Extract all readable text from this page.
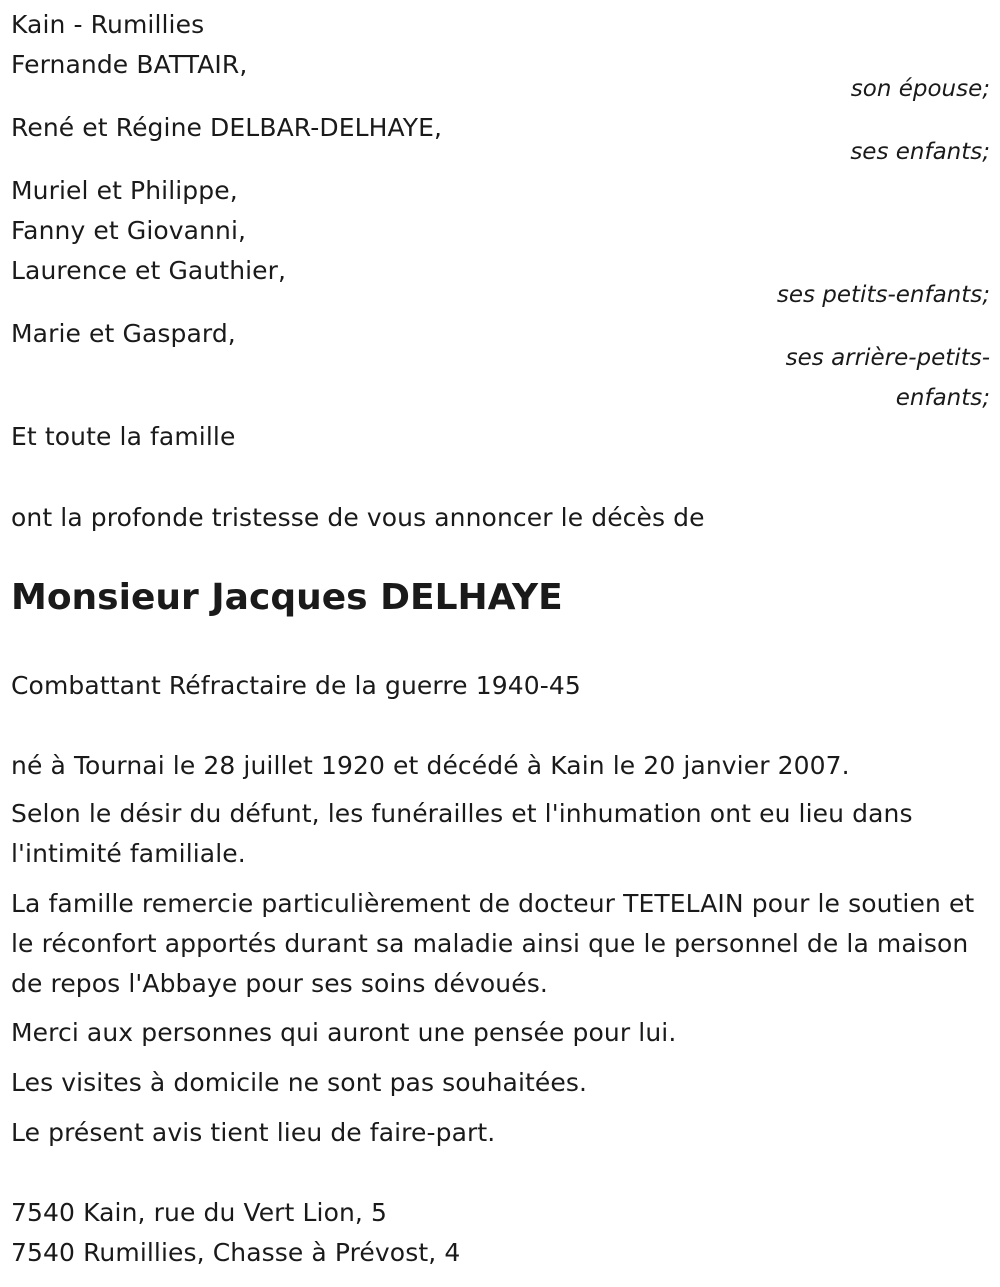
Kain - Rumillies
Fernande BATTAIR,
son épouse;
René et Régine DELBAR-DELHAYE,
ses enfants;
Muriel et Philippe,
Fanny et Giovanni,
Laurence et Gauthier,
ses petits-enfants;
Marie et Gaspard,
ses arrière-petits-
enfants;
Et toute la famille
ont la profonde tristesse de vous annoncer le décès de
Monsieur Jacques DELHAYE
Combattant Réfractaire de la guerre 1940-45
né à Tournai le 28 juillet 1920 et décédé à Kain le 20 janvier 2007.
Selon le désir du défunt, les funérailles et l'inhumation ont eu lieu dans l'intimité familiale.
La famille remercie particulièrement de docteur TETELAIN pour le soutien et le réconfort apportés durant sa maladie ainsi que le personnel de la maison de repos l'Abbaye pour ses soins dévoués.
Merci aux personnes qui auront une pensée pour lui.
Les visites à domicile ne sont pas souhaitées.
Le présent avis tient lieu de faire-part.
7540 Kain, rue du Vert Lion, 5
7540 Rumillies, Chasse à Prévost, 4
